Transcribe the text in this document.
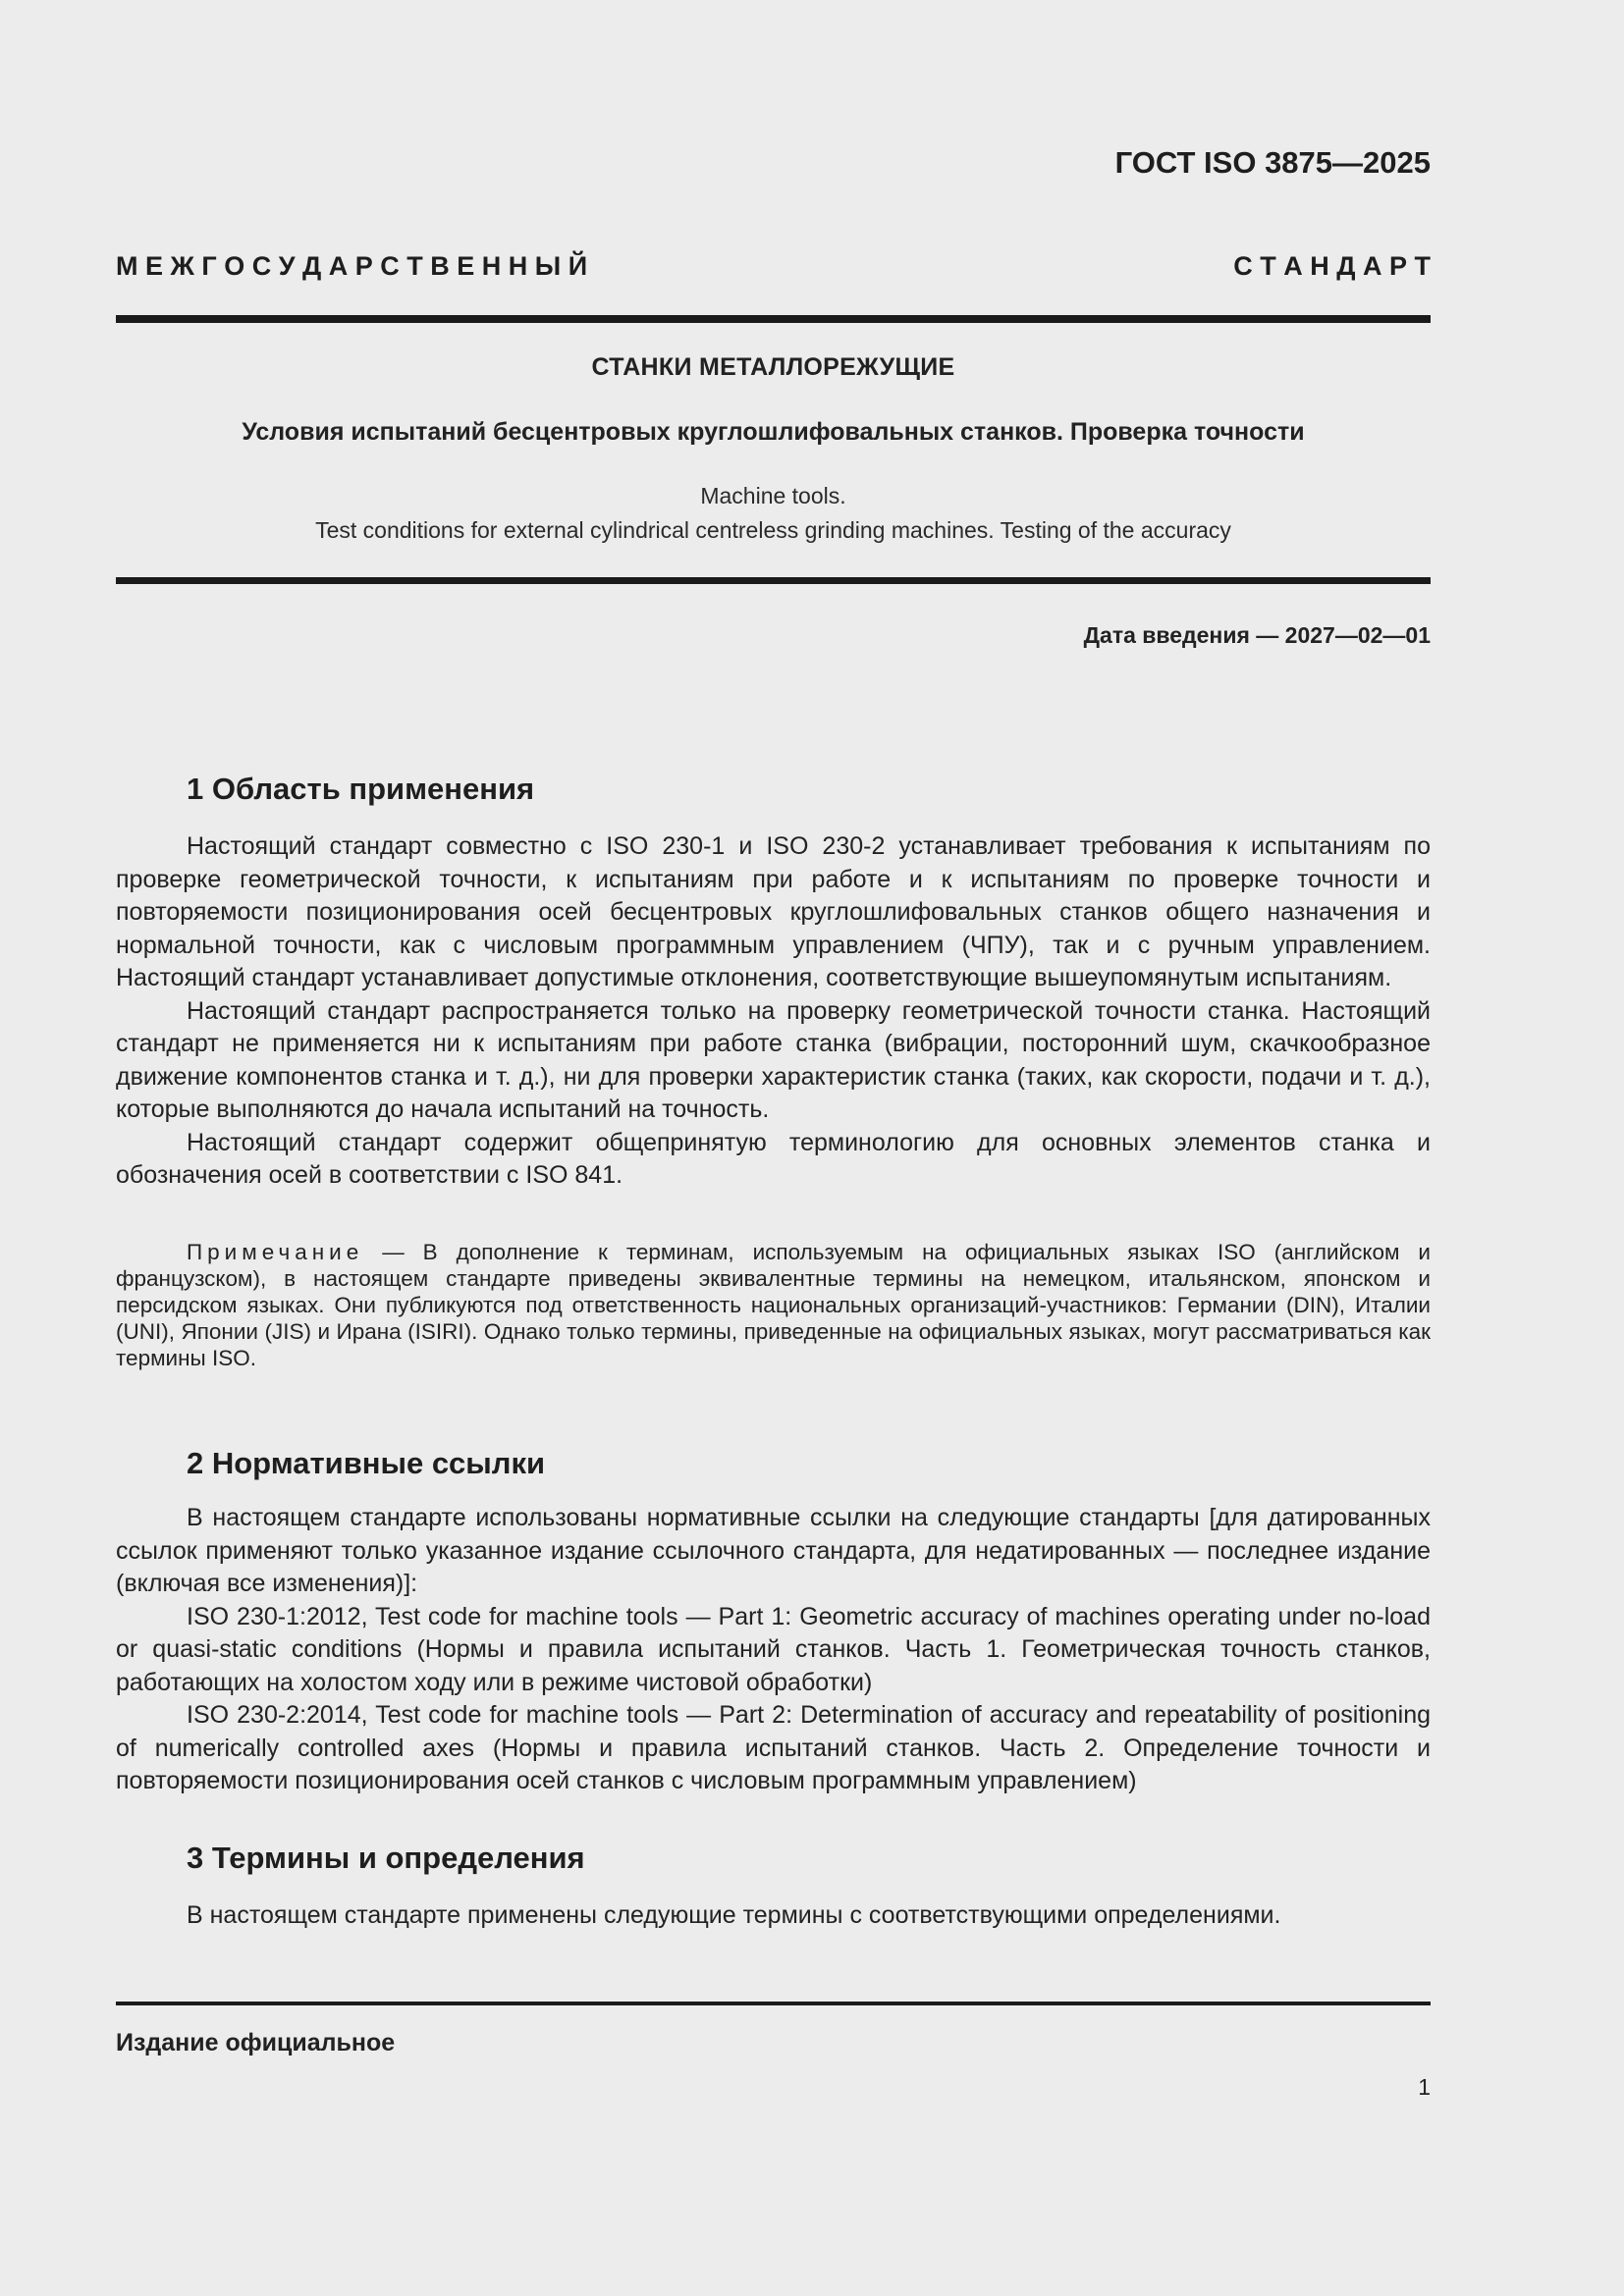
ГОСТ ISO 3875—2025
М Е Ж Г О С У Д А Р С Т В Е Н Н Ы Й	С Т А Н Д А Р Т
СТАНКИ МЕТАЛЛОРЕЖУЩИЕ
Условия испытаний бесцентровых круглошлифовальных станков. Проверка точности
Machine tools.
Test conditions for external cylindrical centreless grinding machines. Testing of the accuracy
Дата введения — 2027—02—01
1 Область применения

Настоящий стандарт совместно с ISO 230-1 и ISO 230-2 устанавливает требования к испытаниям по проверке геометрической точности, к испытаниям при работе и к испытаниям по проверке точности и повторяемости позиционирования осей бесцентровых круглошлифовальных станков общего назначения и нормальной точности, как с числовым программным управлением (ЧПУ), так и с ручным управлением. Настоящий стандарт устанавливает допустимые отклонения, соответствующие вышеупомянутым испытаниям.

Настоящий стандарт распространяется только на проверку геометрической точности станка. Настоящий стандарт не применяется ни к испытаниям при работе станка (вибрации, посторонний шум, скачкообразное движение компонентов станка и т. д.), ни для проверки характеристик станка (таких, как скорости, подачи и т. д.), которые выполняются до начала испытаний на точность.

Настоящий стандарт содержит общепринятую терминологию для основных элементов станка и обозначения осей в соответствии с ISO 841.

Примечание — В дополнение к терминам, используемым на официальных языках ISO (английском и французском), в настоящем стандарте приведены эквивалентные термины на немецком, итальянском, японском и персидском языках. Они публикуются под ответственность национальных организаций-участников: Германии (DIN), Италии (UNI), Японии (JIS) и Ирана (ISIRI). Однако только термины, приведенные на официальных языках, могут рассматриваться как термины ISO.
2 Нормативные ссылки

В настоящем стандарте использованы нормативные ссылки на следующие стандарты [для датированных ссылок применяют только указанное издание ссылочного стандарта, для недатированных — последнее издание (включая все изменения)]:

ISO 230-1:2012, Test code for machine tools — Part 1: Geometric accuracy of machines operating under no-load or quasi-static conditions (Нормы и правила испытаний станков. Часть 1. Геометрическая точность станков, работающих на холостом ходу или в режиме чистовой обработки)

ISO 230-2:2014, Test code for machine tools — Part 2: Determination of accuracy and repeatability of positioning of numerically controlled axes (Нормы и правила испытаний станков. Часть 2. Определение точности и повторяемости позиционирования осей станков с числовым программным управлением)

3 Термины и определения

В настоящем стандарте применены следующие термины с соответствующими определениями.

Издание официальное
1
